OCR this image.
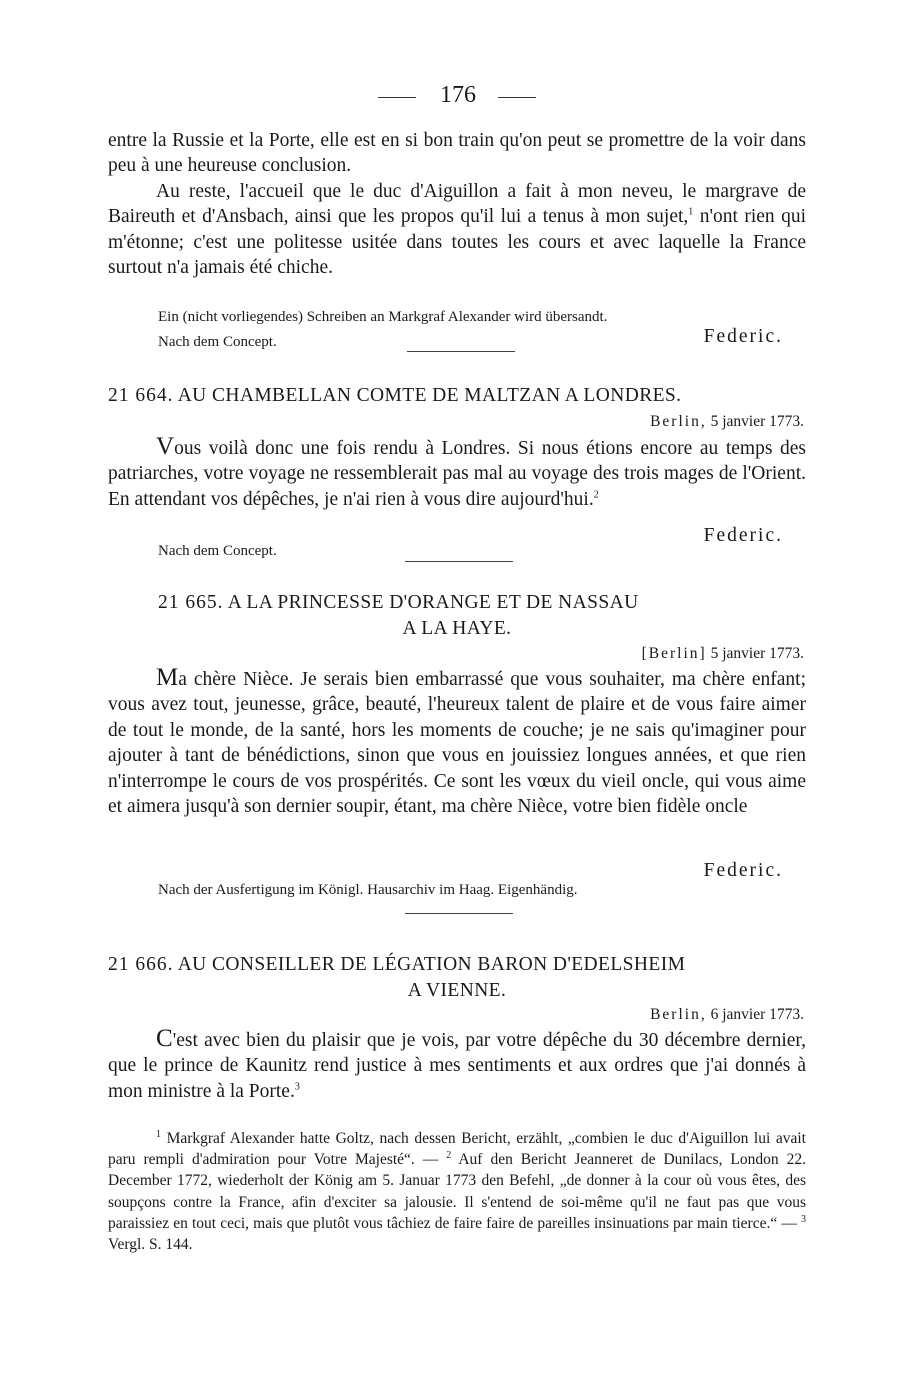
176

entre la Russie et la Porte, elle est en si bon train qu'on peut se promettre de la voir dans peu à une heureuse conclusion.

Au reste, l'accueil que le duc d'Aiguillon a fait à mon neveu, le margrave de Baireuth et d'Ansbach, ainsi que les propos qu'il lui a tenus à mon sujet,$^1$ n'ont rien qui m'étonne; c'est une politesse usitée dans toutes les cours et avec laquelle la France surtout n'a jamais été chiche.

Ein (nicht vorliegendes) Schreiben an Markgraf Alexander wird übersandt.

Nach dem Concept.	Federic.

21 664. AU CHAMBELLAN COMTE DE MALTZAN A LONDRES.

Berlin, 5 janvier 1773.

Vous voilà donc une fois rendu à Londres. Si nous étions encore au temps des patriarches, votre voyage ne ressemblerait pas mal au voyage des trois mages de l'Orient. En attendant vos dépêches, je n'ai rien à vous dire aujourd'hui.$^2$

Nach dem Concept.

Federic.

21 665. A LA PRINCESSE D'ORANGE ET DE NASSAU

A LA HAYE.

[Berlin] 5 janvier 1773.

Ma chère Nièce. Je serais bien embarrassé que vous souhaiter, ma chère enfant; vous avez tout, jeunesse, grâce, beauté, l'heureux talent de plaire et de vous faire aimer de tout le monde, de la santé, hors les moments de couche; je ne sais qu'imaginer pour ajouter à tant de bénédictions, sinon que vous en jouissiez longues années, et que rien n'interrompe le cours de vos prospérités. Ce sont les vœux du vieil oncle, qui vous aime et aimera jusqu'à son dernier soupir, étant, ma chère Nièce, votre bien fidèle oncle

Federic.

Nach der Ausfertigung im Königl. Hausarchiv im Haag. Eigenhändig.

21 666. AU CONSEILLER DE LÉGATION BARON D'EDELSHEIM

A VIENNE.

Berlin, 6 janvier 1773.

C'est avec bien du plaisir que je vois, par votre dépêche du 30 décembre dernier, que le prince de Kaunitz rend justice à mes sentiments et aux ordres que j'ai donnés à mon ministre à la Porte.$^3$

$^1$ Markgraf Alexander hatte Goltz, nach dessen Bericht, erzählt, „combien le duc d'Aiguillon lui avait paru rempli d'admiration pour Votre Majesté“. — $^2$ Auf den Bericht Jeanneret de Dunilacs, London 22. December 1772, wiederholt der König am 5. Januar 1773 den Befehl, „de donner à la cour où vous êtes, des soupçons contre la France, afin d'exciter sa jalousie. Il s'entend de soi-même qu'il ne faut pas que vous paraissiez en tout ceci, mais que plutôt vous tâchiez de faire faire de pareilles insinuations par main tierce.“ — $^3$ Vergl. S. 144.
